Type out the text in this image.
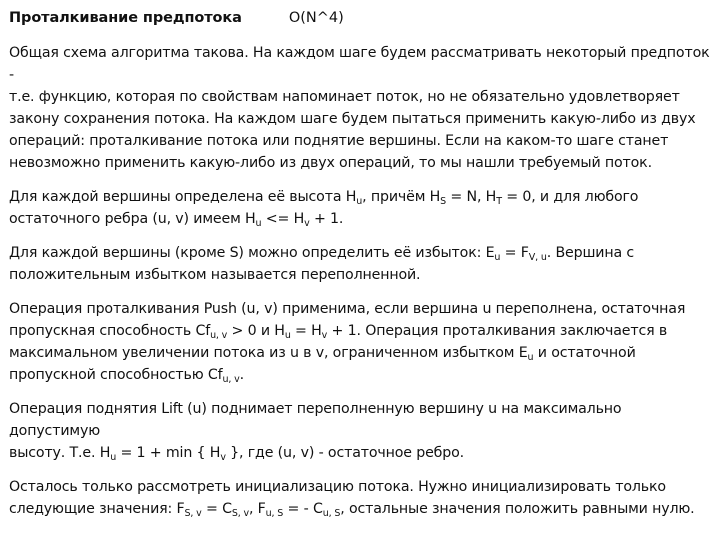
Проталкивание предпотока	O(N^4)
Общая схема алгоритма такова. На каждом шаге будем рассматривать некоторый предпоток -
т.е. функцию, которая по свойствам напоминает поток, но не обязательно удовлетворяет
закону сохранения потока. На каждом шаге будем пытаться применить какую-либо из двух
операций: проталкивание потока или поднятие вершины. Если на каком-то шаге станет
невозможно применить какую-либо из двух операций, то мы нашли требуемый поток.
Для каждой вершины определена её высота $H_u$, причём $H_S = N$, $H_T = 0$, и для любого
остаточного ребра (u, v) имеем $H_u <= H_v + 1$.
Для каждой вершины (кроме S) можно определить её избыток: $E_u = F_{V, u}$. Вершина с
положительным избытком называется переполненной.
Операция проталкивания Push (u, v) применима, если вершина u переполнена, остаточная
пропускная способность $Cf_{u, v} > 0$ и $H_u = H_v + 1$. Операция проталкивания заключается в
максимальном увеличении потока из u в v, ограниченном избытком $E_u$ и остаточной
пропускной способностью $Cf_{u, v}$.
Операция поднятия Lift (u) поднимает переполненную вершину u на максимально допустимую
высоту. Т.е. $H_u = 1 + \min$ { $H_v$ }, где (u, v) - остаточное ребро.
Осталось только рассмотреть инициализацию потока. Нужно инициализировать только
следующие значения: $F_{S, v} = C_{S, v}$, $F_{u, S}$ = - $C_{u, S}$, остальные значения положить равными нулю.
